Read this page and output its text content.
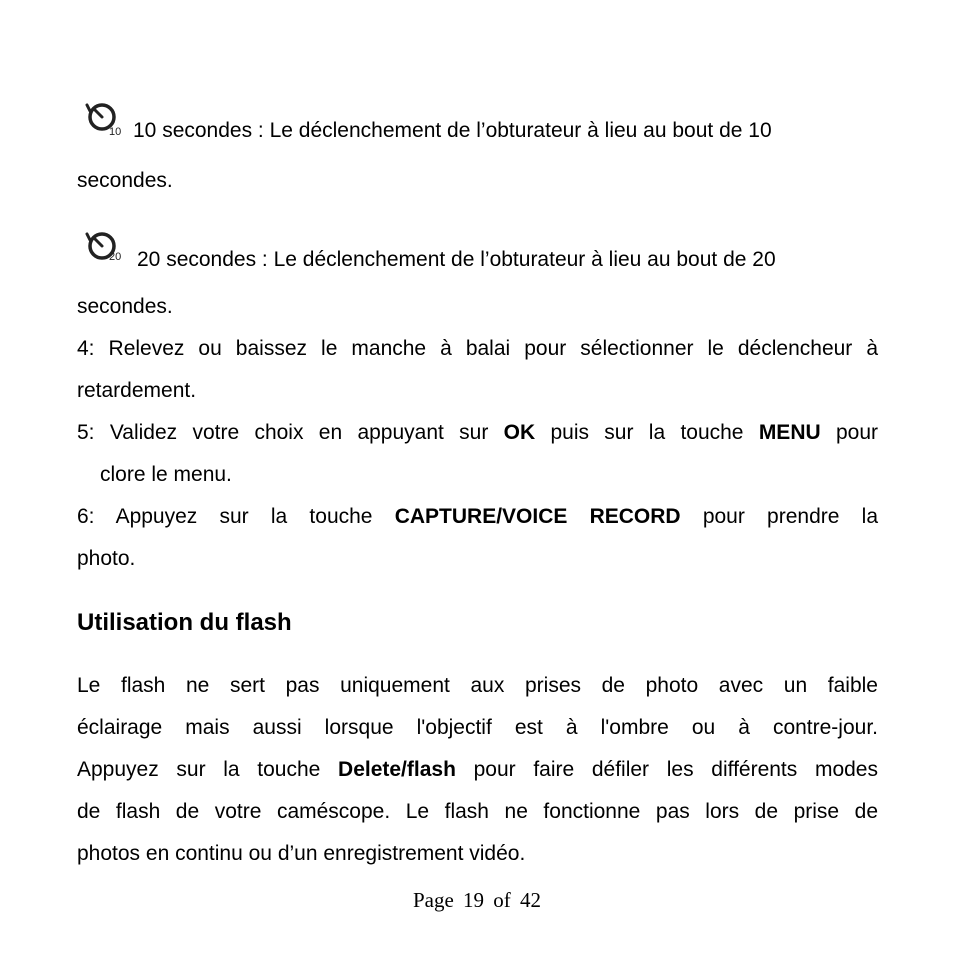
10 10 secondes : Le déclenchement de l’obturateur à lieu au bout de 10
secondes.
20 20 secondes : Le déclenchement de l’obturateur à lieu au bout de 20
secondes.
4: Relevez ou baissez le manche à balai pour sélectionner le déclencheur à
retardement.
5: Validez votre choix en appuyant sur OK puis sur la touche MENU pour
clore le menu.
6: Appuyez sur la touche CAPTURE/VOICE RECORD pour prendre la
photo.
Utilisation du flash
Le flash ne sert pas uniquement aux prises de photo avec un faible
éclairage mais aussi lorsque l'objectif est à l'ombre ou à contre-jour.
Appuyez sur la touche Delete/flash pour faire défiler les différents modes
de flash de votre caméscope. Le flash ne fonctionne pas lors de prise de
photos en continu ou d’un enregistrement vidéo.
Page 19 of 42
